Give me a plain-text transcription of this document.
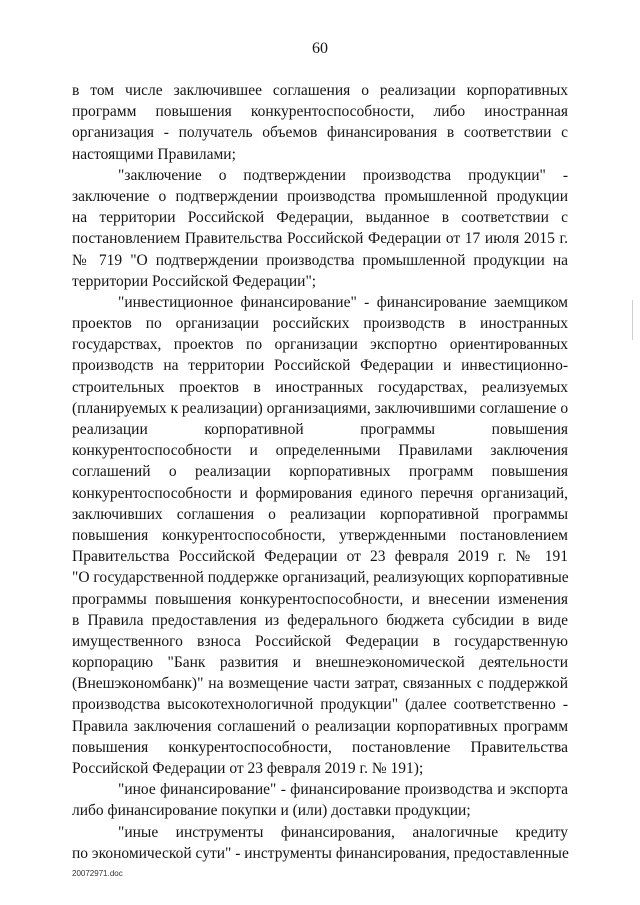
60
в том числе заключившее соглашения о реализации корпоративных
программ повышения конкурентоспособности, либо иностранная
организация - получатель объемов финансирования в соответствии с
настоящими Правилами;
"заключение о подтверждении производства продукции" -
заключение о подтверждении производства промышленной продукции
на территории Российской Федерации, выданное в соответствии с
постановлением Правительства Российской Федерации от 17 июля 2015 г.
№ 719 "О подтверждении производства промышленной продукции на
территории Российской Федерации";
"инвестиционное финансирование" - финансирование заемщиком
проектов по организации российских производств в иностранных
государствах, проектов по организации экспортно ориентированных
производств на территории Российской Федерации и инвестиционно-
строительных проектов в иностранных государствах, реализуемых
(планируемых к реализации) организациями, заключившими соглашение о
реализации корпоративной программы повышения
конкурентоспособности и определенными Правилами заключения
соглашений о реализации корпоративных программ повышения
конкурентоспособности и формирования единого перечня организаций,
заключивших соглашения о реализации корпоративной программы
повышения конкурентоспособности, утвержденными постановлением
Правительства Российской Федерации от 23 февраля 2019 г. № 191
"О государственной поддержке организаций, реализующих корпоративные
программы повышения конкурентоспособности, и внесении изменения
в Правила предоставления из федерального бюджета субсидии в виде
имущественного взноса Российской Федерации в государственную
корпорацию "Банк развития и внешнеэкономической деятельности
(Внешэкономбанк)" на возмещение части затрат, связанных с поддержкой
производства высокотехнологичной продукции" (далее соответственно -
Правила заключения соглашений о реализации корпоративных программ
повышения конкурентоспособности, постановление Правительства
Российской Федерации от 23 февраля 2019 г. № 191);
"иное финансирование" - финансирование производства и экспорта
либо финансирование покупки и (или) доставки продукции;
"иные инструменты финансирования, аналогичные кредиту
по экономической сути" - инструменты финансирования, предоставленные
20072971.doc
